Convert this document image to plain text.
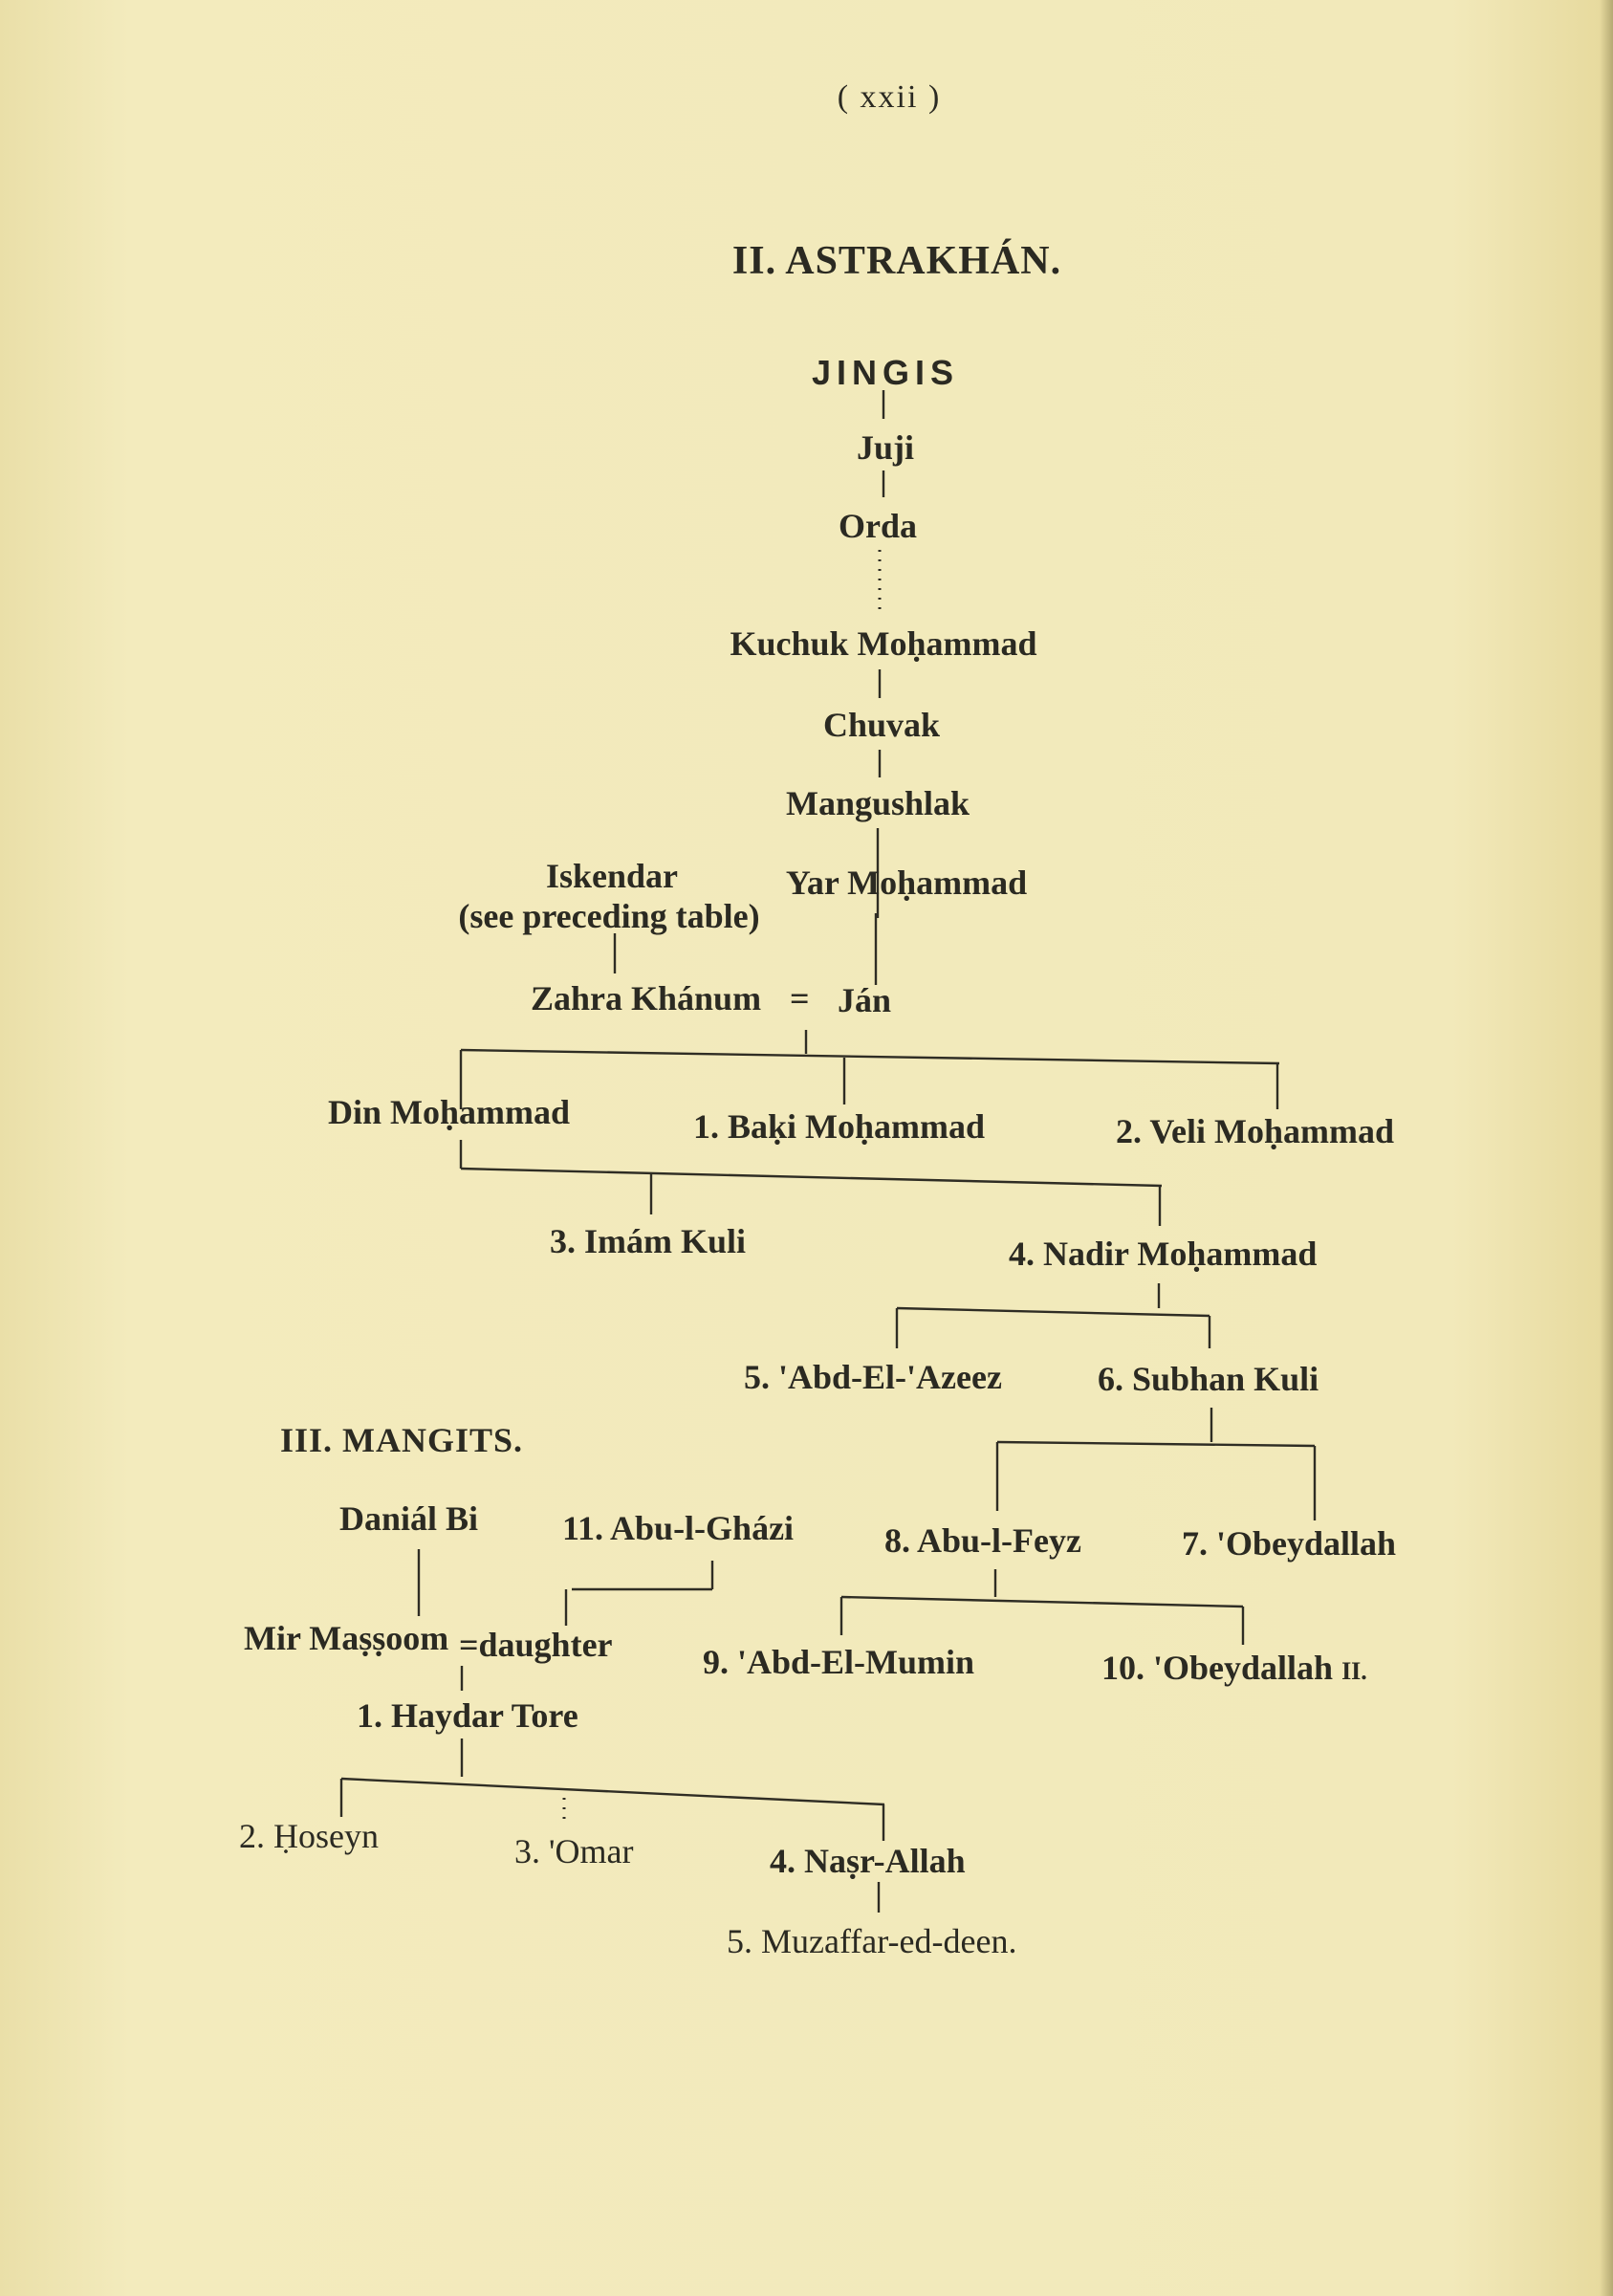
( xxii )
II. ASTRAKHÁN.
JINGIS
Juji
Orda
Kuchuk Moḥammad
Chuvak
Mangushlak
Iskendar	Yar Moḥammad
(see preceding table)
Zahra Khánum = Ján
Din Moḥammad	1. Baḳi Moḥammad	2. Veli Moḥammad
3. Imám Kuli	4. Nadir Moḥammad
5. 'Abd-El-'Azeez	6. Subhan Kuli
III. MANGITS.
Daniál Bi 11. Abu-l-Gházi	8. Abu-l-Feyz	7. 'Obeydallah
Mir Maṣṣoom =daughter	9. 'Abd-El-Mumin	10. 'Obeydallah II.
1. Haydar Tore
2. Ḥoseyn	3. 'Omar	4. Naṣr-Allah
5. Muzaffar-ed-deen.
